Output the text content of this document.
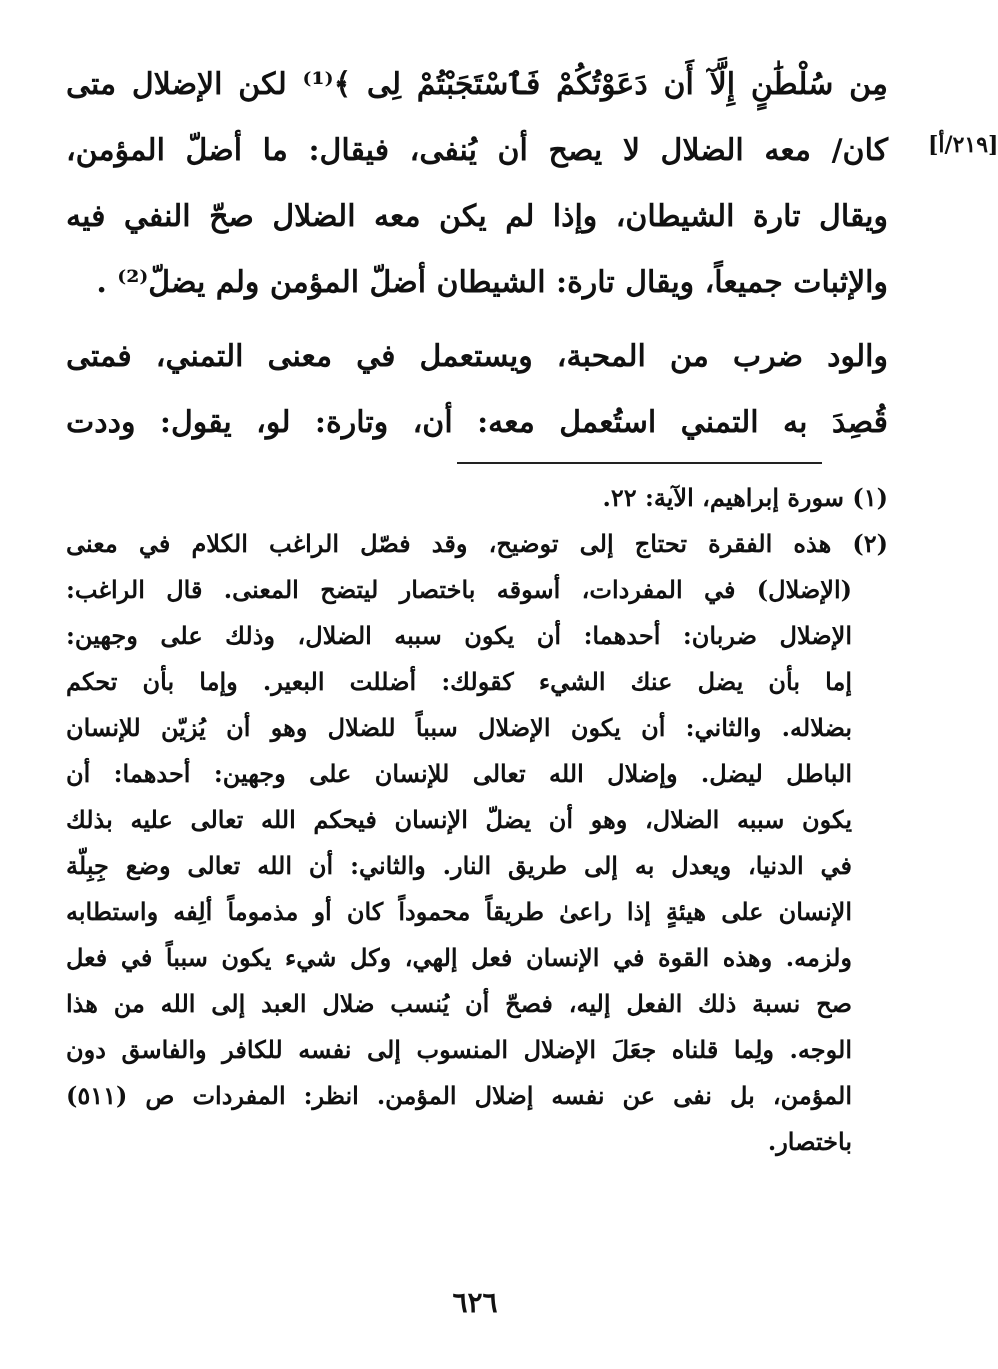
مِن سُلْطَٰنٍ إِلَّآ أَن دَعَوْتُكُمْ فَٱسْتَجَبْتُمْ لِى ﴾⁽¹⁾ لكن الإضلال متى
كان/ معه الضلال لا يصح أن يُنفى، فيقال: ما أضلّ المؤمن،
ويقال تارة الشيطان، وإذا لم يكن معه الضلال صحّ النفي فيه
والإثبات جميعاً، ويقال تارة: الشيطان أضلّ المؤمن ولم يضلّ⁽²⁾ .
والود ضرب من المحبة، ويستعمل في معنى التمني، فمتى
قُصِدَ به التمني استُعمل معه: أن، وتارة: لو، يقول: وددت
[٢١٩/أ]
(١) سورة إبراهيم، الآية: ٢٢.
(٢) هذه الفقرة تحتاج إلى توضيح، وقد فصّل الراغب الكلام في معنى
(الإضلال) في المفردات، أسوقه باختصار ليتضح المعنى. قال الراغب:
الإضلال ضربان: أحدهما: أن يكون سببه الضلال، وذلك على وجهين:
إما بأن يضل عنك الشيء كقولك: أضللت البعير. وإما بأن تحكم
بضلاله. والثاني: أن يكون الإضلال سبباً للضلال وهو أن يُزيّن للإنسان
الباطل ليضل. وإضلال الله تعالى للإنسان على وجهين: أحدهما: أن
يكون سببه الضلال، وهو أن يضلّ الإنسان فيحكم الله تعالى عليه بذلك
في الدنيا، ويعدل به إلى طريق النار. والثاني: أن الله تعالى وضع جِبِلّة
الإنسان على هيئةٍ إذا راعىٰ طريقاً محموداً كان أو مذموماً ألِفه واستطابه
ولزمه. وهذه القوة في الإنسان فعل إلهي، وكل شيء يكون سبباً في فعل
صح نسبة ذلك الفعل إليه، فصحّ أن يُنسب ضلال العبد إلى الله من هذا
الوجه. ولِما قلناه جعَلَ الإضلال المنسوب إلى نفسه للكافر والفاسق دون
المؤمن، بل نفى عن نفسه إضلال المؤمن. انظر: المفردات ص (٥١١)
باختصار.
٦٢٦
